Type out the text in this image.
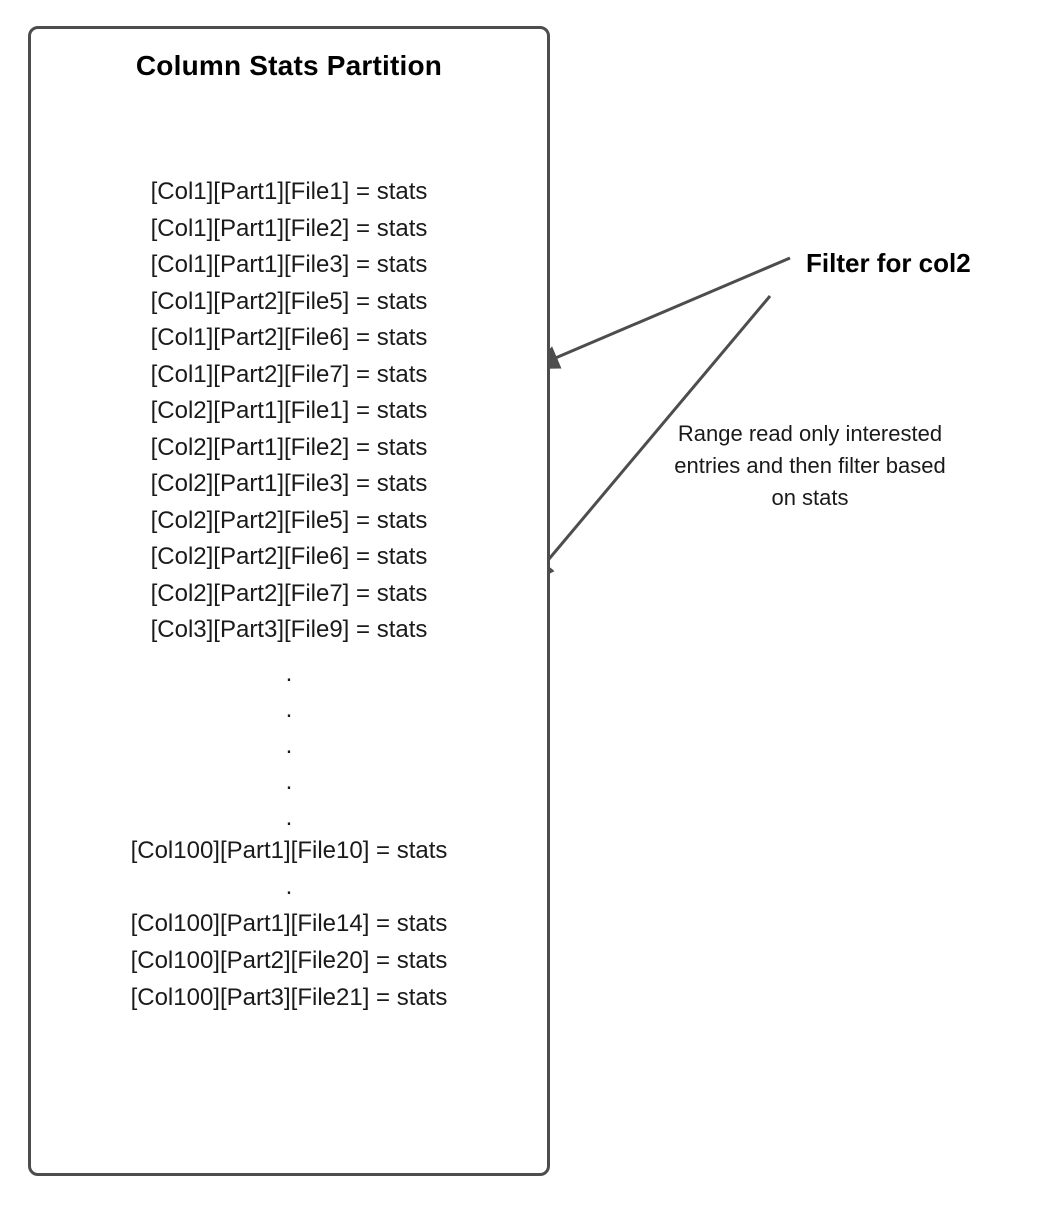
Column Stats Partition
[Col1][Part1][File1] = stats
[Col1][Part1][File2] = stats
[Col1][Part1][File3] = stats
[Col1][Part2][File5] = stats
[Col1][Part2][File6] = stats
[Col1][Part2][File7] = stats
[Col2][Part1][File1] = stats
[Col2][Part1][File2] = stats
[Col2][Part1][File3] = stats
[Col2][Part2][File5] = stats
[Col2][Part2][File6] = stats
[Col2][Part2][File7] = stats
[Col3][Part3][File9] = stats
.
.
.
.
.
[Col100][Part1][File10] = stats
.
[Col100][Part1][File14] = stats
[Col100][Part2][File20] = stats
[Col100][Part3][File21] = stats
Filter for col2
Range read only interested entries and then filter based on stats
